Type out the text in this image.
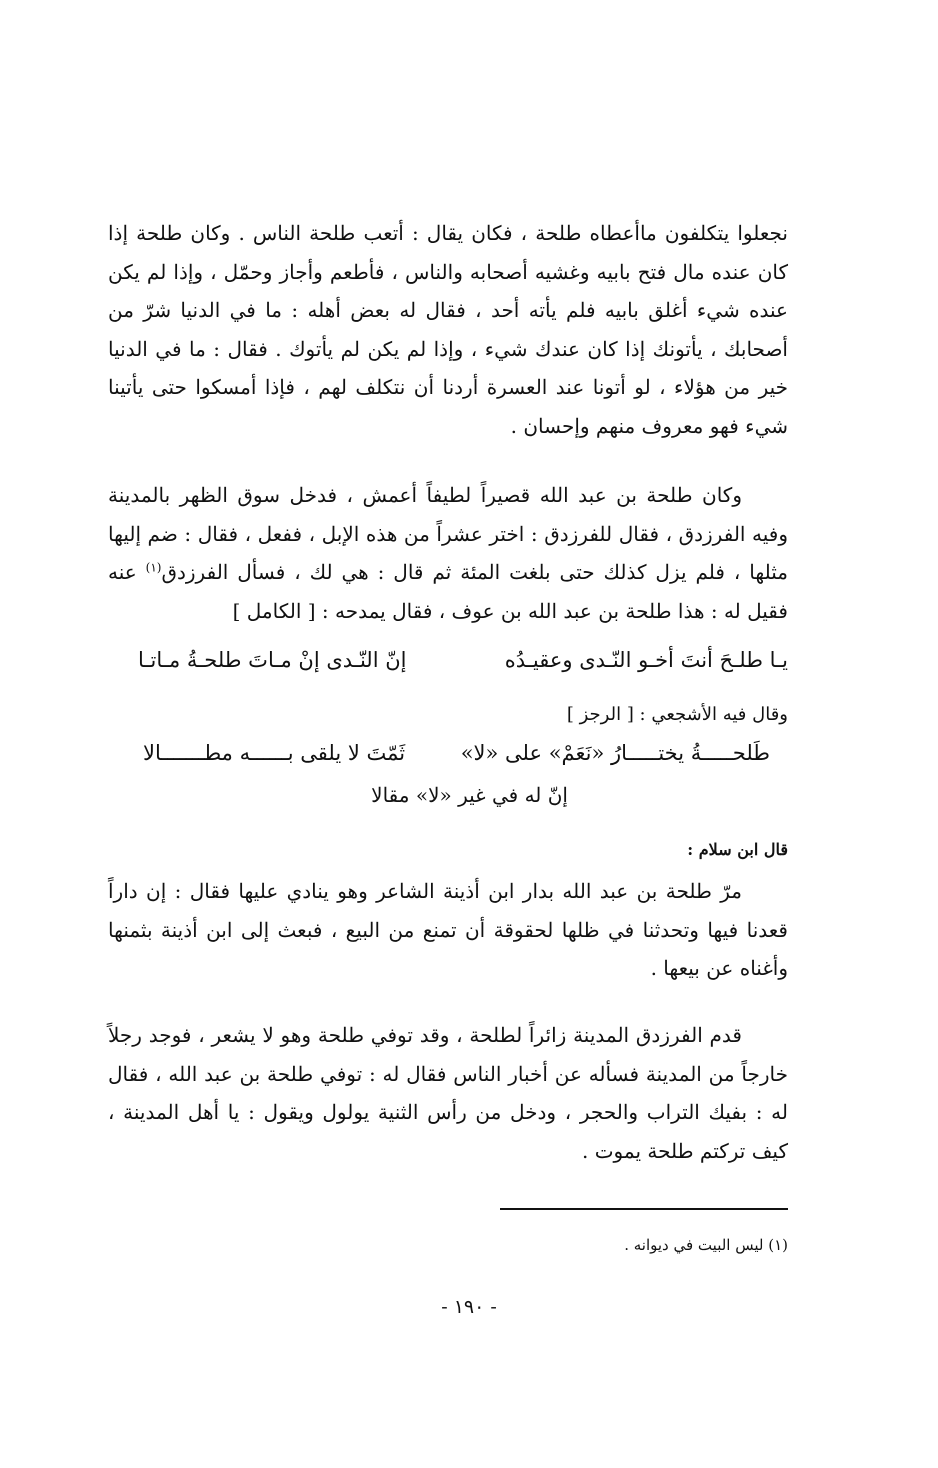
نجعلوا يتكلفون ماأعطاه طلحة ، فكان يقال : أتعب طلحة الناس . وكان طلحة إذا كان عنده مال فتح بابيه وغشيه أصحابه والناس ، فأطعم وأجاز وحمّل ، وإذا لم يكن عنده شيء أغلق بابيه فلم يأته أحد ، فقال له بعض أهله : ما في الدنيا شرّ من أصحابك ، يأتونك إذا كان عندك شيء ، وإذا لم يكن لم يأتوك . فقال : ما في الدنيا خير من هؤلاء ، لو أتونا عند العسرة أردنا أن نتكلف لهم ، فإذا أمسكوا حتى يأتينا شيء فهو معروف منهم وإحسان .

وكان طلحة بن عبد الله قصيراً لطيفاً أعمش ، فدخل سوق الظهر بالمدينة وفيه الفرزدق ، فقال للفرزدق : اختر عشراً من هذه الإبل ، ففعل ، فقال : ضم إليها مثلها ، فلم يزل كذلك حتى بلغت المئة ثم قال : هي لك ، فسأل الفرزدق$^{(١)}$ عنه فقيل له : هذا طلحة بن عبد الله بن عوف ، فقال يمدحه : [ الكامل ]

يـا طلـحَ أنتَ أخـو النّـدى وعقيـدُه
إنّ النّـدى إنْ مـاتَ طلحـةُ مـاتـا
وقال فيه الأشجعي : [ الرجز ]
طَلحـــــةُ يختـــــارُ «نَعَمْ» على «لا»
ثَمّتَ لا يلقى بــــــه مطـــــــالا
إنّ له في غير «لا» مقالا
قال ابن سلام :

مرّ طلحة بن عبد الله بدار ابن أذينة الشاعر وهو ينادي عليها فقال : إن داراً قعدنا فيها وتحدثنا في ظلها لحقوقة أن تمنع من البيع ، فبعث إلى ابن أذينة بثمنها وأغناه عن بيعها .

قدم الفرزدق المدينة زائراً لطلحة ، وقد توفي طلحة وهو لا يشعر ، فوجد رجلاً خارجاً من المدينة فسأله عن أخبار الناس فقال له : توفي طلحة بن عبد الله ، فقال له : بفيك التراب والحجر ، ودخل من رأس الثنية يولول ويقول : يا أهل المدينة ، كيف تركتم طلحة يموت .

(١) ليس البيت في ديوانه .
- ١٩٠ -
